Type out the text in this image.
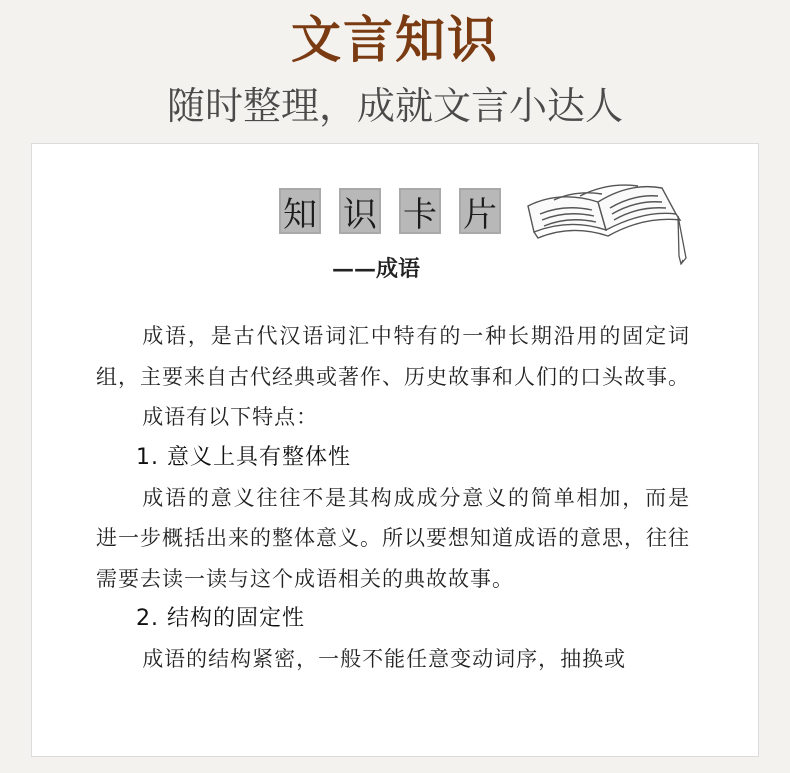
文言知识
随时整理，成就文言小达人
知 识 卡 片
——成语

成语，是古代汉语词汇中特有的一种长期沿用的固定词组，主要来自古代经典或著作、历史故事和人们的口头故事。

成语有以下特点：

1. 意义上具有整体性

成语的意义往往不是其构成成分意义的简单相加，而是进一步概括出来的整体意义。所以要想知道成语的意思，往往需要去读一读与这个成语相关的典故故事。

2. 结构的固定性

成语的结构紧密，一般不能任意变动词序，抽换或
